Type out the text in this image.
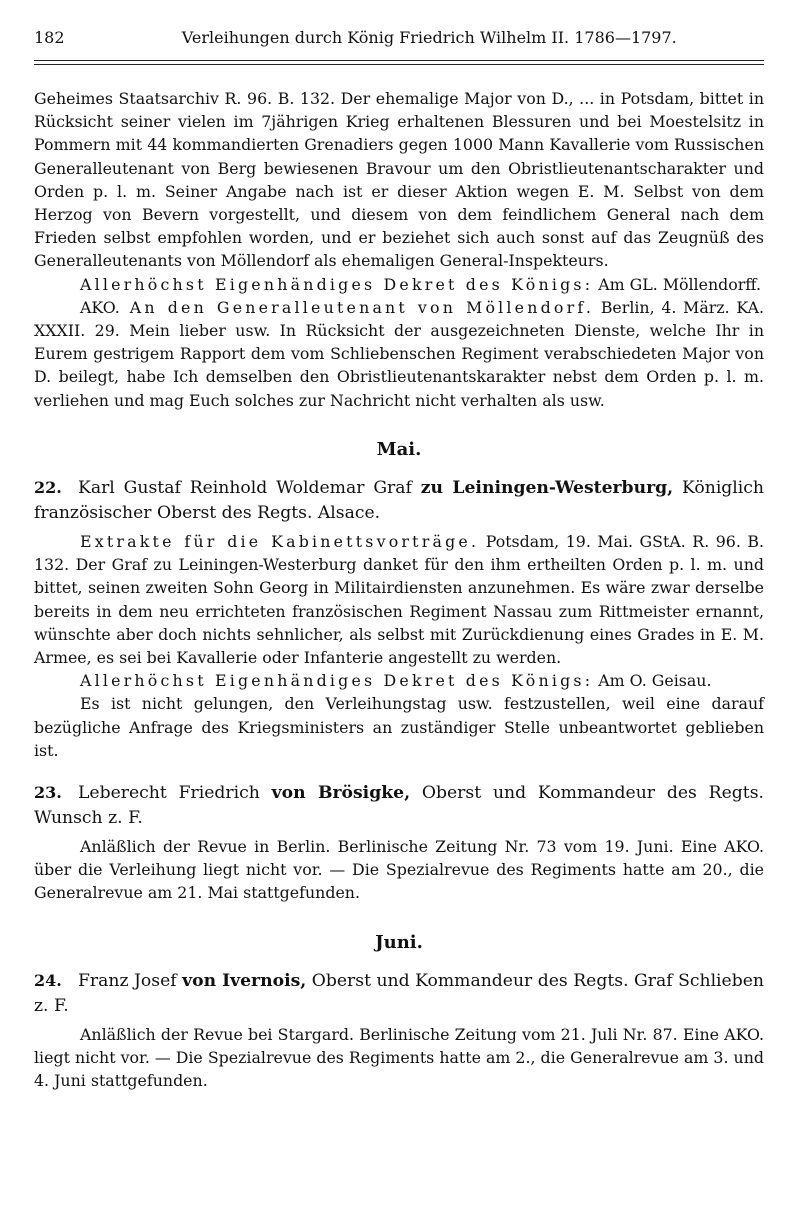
182	Verleihungen durch König Friedrich Wilhelm II. 1786—1797.

Geheimes Staatsarchiv R. 96. B. 132. Der ehemalige Major von D., ... in Potsdam, bittet in Rücksicht seiner vielen im 7jährigen Krieg erhaltenen Blessuren und bei Moestelsitz in Pommern mit 44 kommandierten Grenadiers gegen 1000 Mann Kavallerie vom Russischen Generalleutenant von Berg bewiesenen Bravour um den Obristlieutenantscharakter und Orden p. l. m. Seiner Angabe nach ist er dieser Aktion wegen E. M. Selbst von dem Herzog von Bevern vorgestellt, und diesem von dem feindlichem General nach dem Frieden selbst empfohlen worden, und er beziehet sich auch sonst auf das Zeugnüß des Generalleutenants von Möllendorf als ehemaligen General-Inspekteurs.

Allerhöchst Eigenhändiges Dekret des Königs: Am GL. Möllendorff.

AKO. An den Generalleutenant von Möllendorf. Berlin, 4. März. KA. XXXII. 29. Mein lieber usw. In Rücksicht der ausgezeichneten Dienste, welche Ihr in Eurem gestrigem Rapport dem vom Schliebenschen Regiment verabschiedeten Major von D. beilegt, habe Ich demselben den Obristlieutenantskarakter nebst dem Orden p. l. m. verliehen und mag Euch solches zur Nachricht nicht verhalten als usw.

Mai.

22. Karl Gustaf Reinhold Woldemar Graf zu Leiningen-Westerburg, Königlich französischer Oberst des Regts. Alsace.

Extrakte für die Kabinettsvorträge. Potsdam, 19. Mai. GStA. R. 96. B. 132. Der Graf zu Leiningen-Westerburg danket für den ihm ertheilten Orden p. l. m. und bittet, seinen zweiten Sohn Georg in Militairdiensten anzunehmen. Es wäre zwar derselbe bereits in dem neu errichteten französischen Regiment Nassau zum Rittmeister ernannt, wünschte aber doch nichts sehnlicher, als selbst mit Zurückdienung eines Grades in E. M. Armee, es sei bei Kavallerie oder Infanterie angestellt zu werden.

Allerhöchst Eigenhändiges Dekret des Königs: Am O. Geisau.

Es ist nicht gelungen, den Verleihungstag usw. festzustellen, weil eine darauf bezügliche Anfrage des Kriegsministers an zuständiger Stelle unbeantwortet geblieben ist.

23. Leberecht Friedrich von Brösigke, Oberst und Kommandeur des Regts. Wunsch z. F.

Anläßlich der Revue in Berlin. Berlinische Zeitung Nr. 73 vom 19. Juni. Eine AKO. über die Verleihung liegt nicht vor. — Die Spezialrevue des Regiments hatte am 20., die Generalrevue am 21. Mai stattgefunden.

Juni.

24. Franz Josef von Ivernois, Oberst und Kommandeur des Regts. Graf Schlieben z. F.

Anläßlich der Revue bei Stargard. Berlinische Zeitung vom 21. Juli Nr. 87. Eine AKO. liegt nicht vor. — Die Spezialrevue des Regiments hatte am 2., die Generalrevue am 3. und 4. Juni stattgefunden.
